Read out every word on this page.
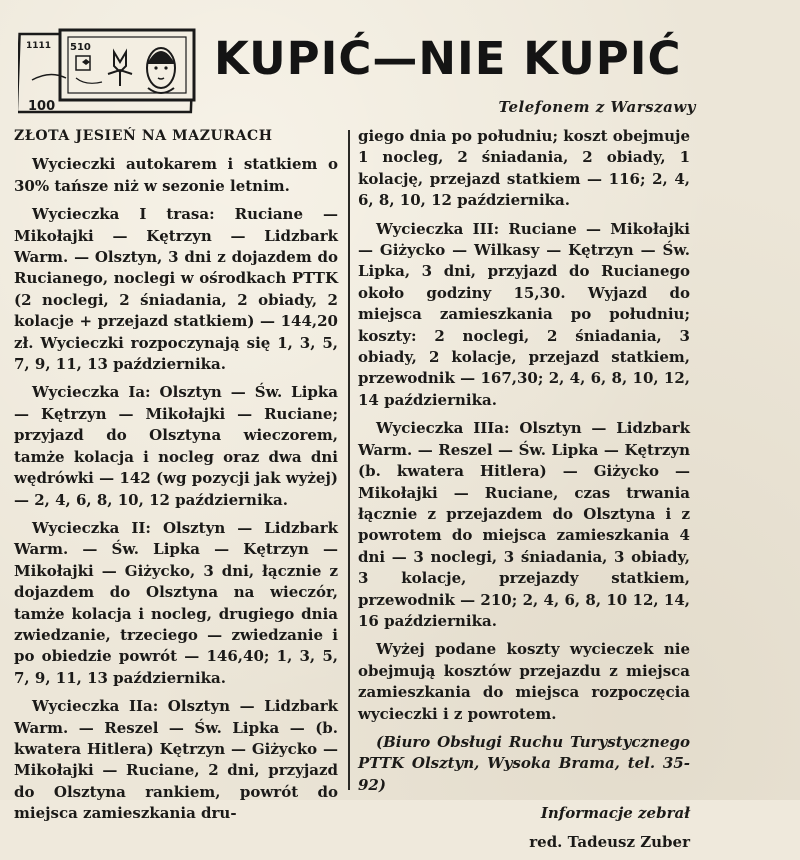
1111 510
100
KUPIĆ—NIE KUPIĆ
Telefonem z Warszawy

ZŁOTA JESIEŃ NA MAZURACH

Wycieczki autokarem i statkiem o 30% tańsze niż w sezonie letnim.

Wycieczka I trasa: Ruciane — Mikołajki — Kętrzyn — Lidzbark Warm. — Olsztyn, 3 dni z dojazdem do Rucianego, noclegi w ośrodkach PTTK (2 noclegi, 2 śniadania, 2 obiady, 2 kolacje + przejazd statkiem) — 144,20 zł. Wycieczki rozpoczynają się 1, 3, 5, 7, 9, 11, 13 października.

Wycieczka Ia: Olsztyn — Św. Lipka — Kętrzyn — Mikołajki — Ruciane; przyjazd do Olsztyna wieczorem, tamże kolacja i nocleg oraz dwa dni wędrówki — 142 (wg pozycji jak wyżej) — 2, 4, 6, 8, 10, 12 października.

Wycieczka II: Olsztyn — Lidzbark Warm. — Św. Lipka — Kętrzyn — Mikołajki — Giżycko, 3 dni, łącznie z dojazdem do Olsztyna na wieczór, tamże kolacja i nocleg, drugiego dnia zwiedzanie, trzeciego — zwiedzanie i po obiedzie powrót — 146,40; 1, 3, 5, 7, 9, 11, 13 października.

Wycieczka IIa: Olsztyn — Lidzbark Warm. — Reszel — Św. Lipka — (b. kwatera Hitlera) Kętrzyn — Giżycko — Mikołajki — Ruciane, 2 dni, przyjazd do Olsztyna rankiem, powrót do miejsca zamieszkania dru-

giego dnia po południu; koszt obejmuje 1 nocleg, 2 śniadania, 2 obiady, 1 kolację, przejazd statkiem — 116; 2, 4, 6, 8, 10, 12 października.

Wycieczka III: Ruciane — Mikołajki — Giżycko — Wilkasy — Kętrzyn — Św. Lipka, 3 dni, przyjazd do Rucianego około godziny 15,30. Wyjazd do miejsca zamieszkania po południu; koszty: 2 noclegi, 2 śniadania, 3 obiady, 2 kolacje, przejazd statkiem, przewodnik — 167,30; 2, 4, 6, 8, 10, 12, 14 października.

Wycieczka IIIa: Olsztyn — Lidzbark Warm. — Reszel — Św. Lipka — Kętrzyn (b. kwatera Hitlera) — Giżycko — Mikołajki — Ruciane, czas trwania łącznie z przejazdem do Olsztyna i z powrotem do miejsca zamieszkania 4 dni — 3 noclegi, 3 śniadania, 3 obiady, 3 kolacje, przejazdy statkiem, przewodnik — 210; 2, 4, 6, 8, 10 12, 14, 16 października.

Wyżej podane koszty wycieczek nie obejmują kosztów przejazdu z miejsca zamieszkania do miejsca rozpoczęcia wycieczki i z powrotem.

(Biuro Obsługi Ruchu Turystycznego PTTK Olsztyn, Wysoka Brama, tel. 35-92)

Informacje zebrał

red. Tadeusz Zuber
